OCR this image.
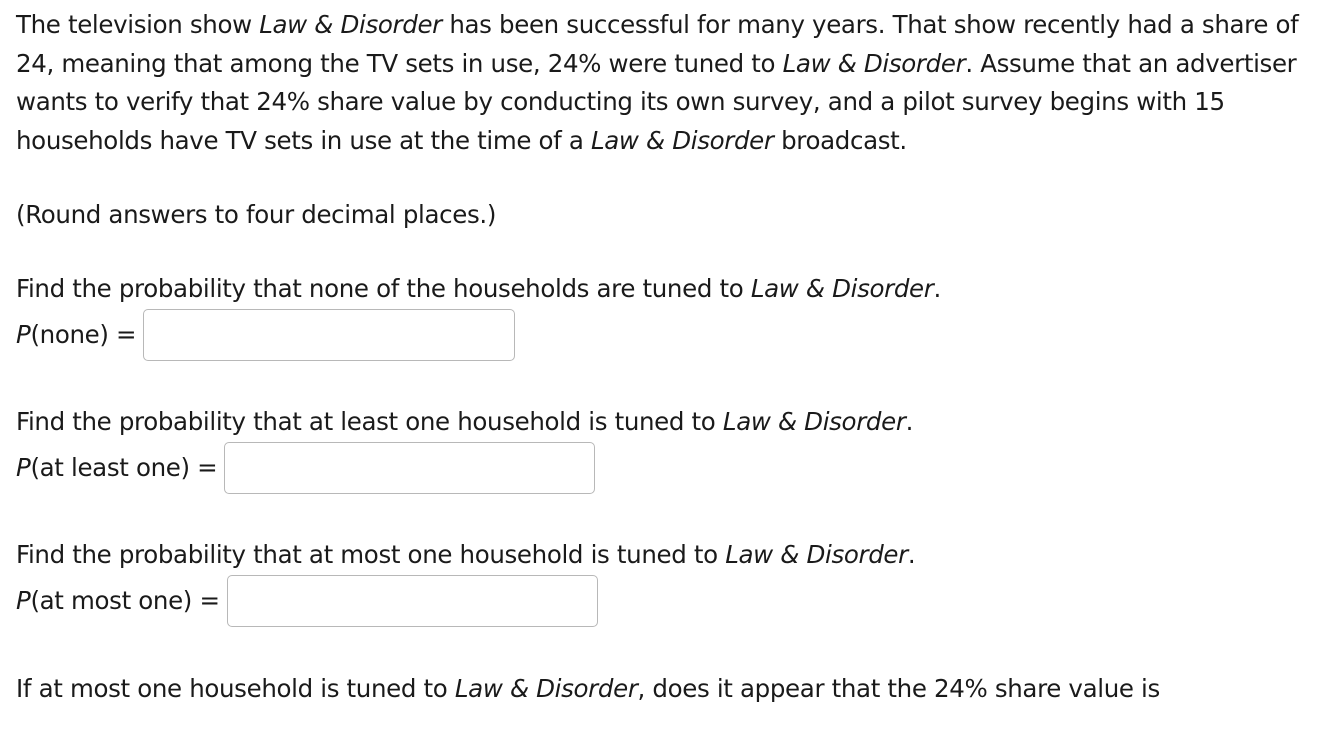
The television show Law & Disorder has been successful for many years. That show recently had a share of 24, meaning that among the TV sets in use, 24% were tuned to Law & Disorder. Assume that an advertiser wants to verify that 24% share value by conducting its own survey, and a pilot survey begins with 15 households have TV sets in use at the time of a Law & Disorder broadcast.

(Round answers to four decimal places.)

Find the probability that none of the households are tuned to Law & Disorder.

P(none) =

Find the probability that at least one household is tuned to Law & Disorder.

P(at least one) =

Find the probability that at most one household is tuned to Law & Disorder.

P(at most one) =

If at most one household is tuned to Law & Disorder, does it appear that the 24% share value is
